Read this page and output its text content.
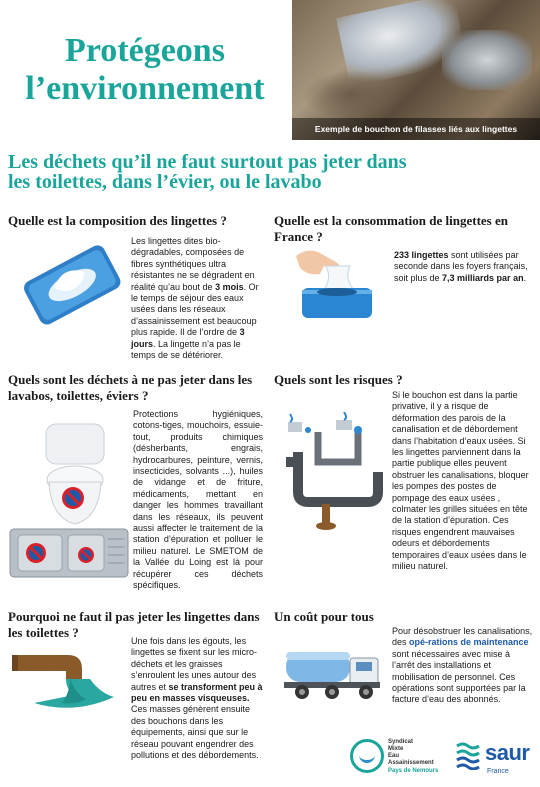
Protégeons
l’environnement
Exemple de bouchon de filasses liés aux lingettes
Les déchets qu’il ne faut surtout pas jeter dans
les toilettes, dans l’évier, ou le lavabo
Quelle est la composition des lingettes ?
Les lingettes dites bio-dégradables, composées de fibres synthétiques ultra résistantes ne se dégradent en réalité qu’au bout de 3 mois. Or le temps de séjour des eaux usées dans les réseaux d’assainissement est beaucoup plus rapide. Il de l’ordre de 3 jours. La lingette n’a pas le temps de se détériorer.
Quelle est la consommation de lingettes en France ?
233 lingettes sont utilisées par seconde dans les foyers français, soit plus de 7,3 milliards par an.
Quels sont les déchets à ne pas jeter dans les lavabos, toilettes, éviers ?
Protections hygiéniques, cotons-tiges, mouchoirs, essuie-tout, produits chimiques (désherbants, engrais, hydrocarbures, peinture, vernis, insecticides, solvants ...), huiles de vidange et de friture, médicaments, mettant en danger les hommes travaillant dans les réseaux, ils peuvent aussi affecter le traitement de la station d’épuration et polluer le milieu naturel. Le SMETOM de la Vallée du Loing est là pour récupérer ces déchets spécifiques.
Quels sont les risques ?
Si le bouchon est dans la partie privative, il y a risque de déformation des parois de la canalisation et de débordement dans l’habitation d’eaux usées. Si les lingettes parviennent dans la partie publique elles peuvent obstruer les canalisations, bloquer les pompes des postes de pompage des eaux usées , colmater les grilles situées en tête de la station d’épuration. Ces risques engendrent mauvaises odeurs et débordements temporaires d’eaux usées dans le milieu naturel.
Pourquoi ne faut il pas jeter les lingettes dans les toilettes ?
Une fois dans les égouts, les lingettes se fixent sur les micro-déchets et les graisses s’enroulent les unes autour des autres et se transforment peu à peu en masses visqueuses. Ces masses génèrent ensuite des bouchons dans les équipements, ainsi que sur le réseau pouvant engendrer des pollutions et des débordements.
Un coût pour tous
Pour désobstruer les canalisations, des opé-rations de maintenance sont nécessaires avec mise à l’arrêt des installations et mobilisation de personnel. Ces opérations sont supportées par la facture d’eau des abonnés.
Syndicat
Mixte
Eau
Assainissement
Pays de Nemours
saur
France
